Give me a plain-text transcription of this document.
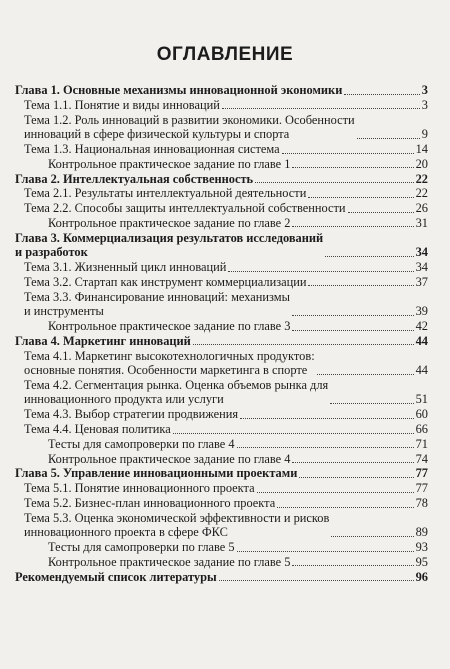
ОГЛАВЛЕНИЕ
Глава 1. Основные механизмы инновационной экономики	3
Тема 1.1. Понятие и виды инноваций	3
Тема 1.2. Роль инноваций в развитии экономики. Особенности
инноваций в сфере физической культуры и спорта	9
Тема 1.3. Национальная инновационная система	14
Контрольное практическое задание по главе 1	20
Глава 2. Интеллектуальная собственность	22
Тема 2.1. Результаты интеллектуальной деятельности	22
Тема 2.2. Способы защиты интеллектуальной собственности	26
Контрольное практическое задание по главе 2	31
Глава 3. Коммерциализация результатов исследований
и разработок	34
Тема 3.1. Жизненный цикл инноваций	34
Тема 3.2. Стартап как инструмент коммерциализации	37
Тема 3.3. Финансирование инноваций: механизмы
и инструменты	39
Контрольное практическое задание по главе 3	42
Глава 4. Маркетинг инноваций	44
Тема 4.1. Маркетинг высокотехнологичных продуктов:
основные понятия. Особенности маркетинга в спорте	44
Тема 4.2. Сегментация рынка. Оценка объемов рынка для
инновационного продукта или услуги	51
Тема 4.3. Выбор стратегии продвижения	60
Тема 4.4. Ценовая политика	66
Тесты для самопроверки по главе 4	71
Контрольное практическое задание по главе 4	74
Глава 5. Управление инновационными проектами	77
Тема 5.1. Понятие инновационного проекта	77
Тема 5.2. Бизнес-план инновационного проекта	78
Тема 5.3. Оценка экономической эффективности и рисков
инновационного проекта в сфере ФКС	89
Тесты для самопроверки по главе 5	93
Контрольное практическое задание по главе 5	95
Рекомендуемый список литературы	96
